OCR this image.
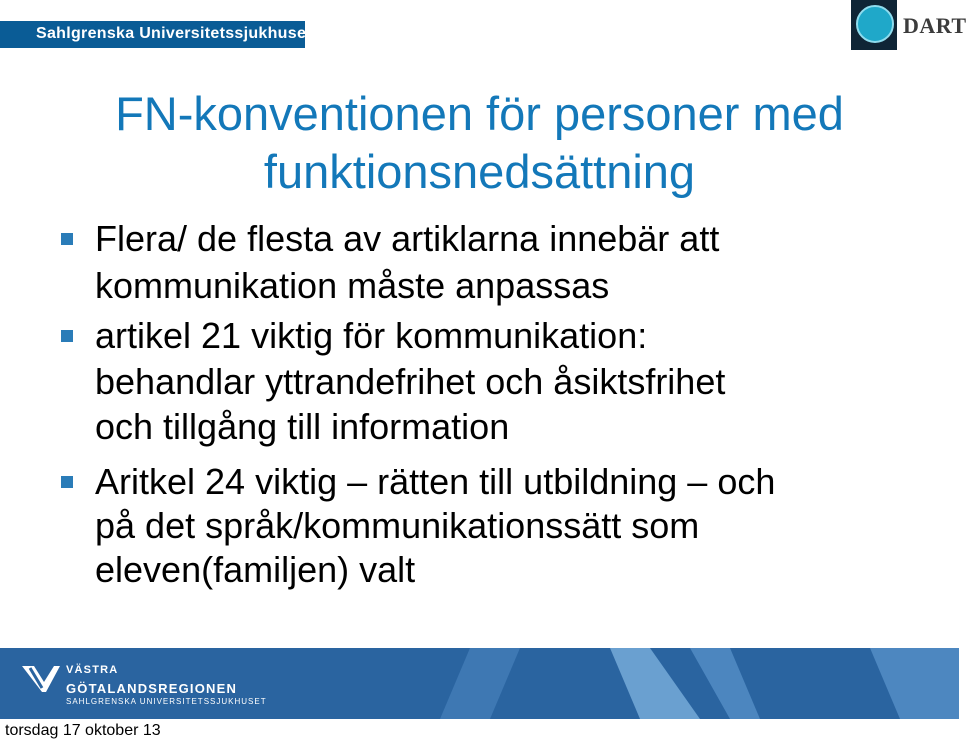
Sahlgrenska Universitetssjukhuset	DART
FN-konventionen för personer med
funktionsnedsättning
Flera/ de flesta av artiklarna innebär att
kommunikation måste anpassas
artikel 21 viktig för kommunikation:
behandlar yttrandefrihet och åsiktsfrihet
och tillgång till information
Aritkel 24 viktig – rätten till utbildning – och
på det språk/kommunikationssätt som
eleven(familjen) valt
VÄSTRA
GÖTALANDSREGIONEN
SAHLGRENSKA UNIVERSITETSSJUKHUSET
torsdag 17 oktober 13
